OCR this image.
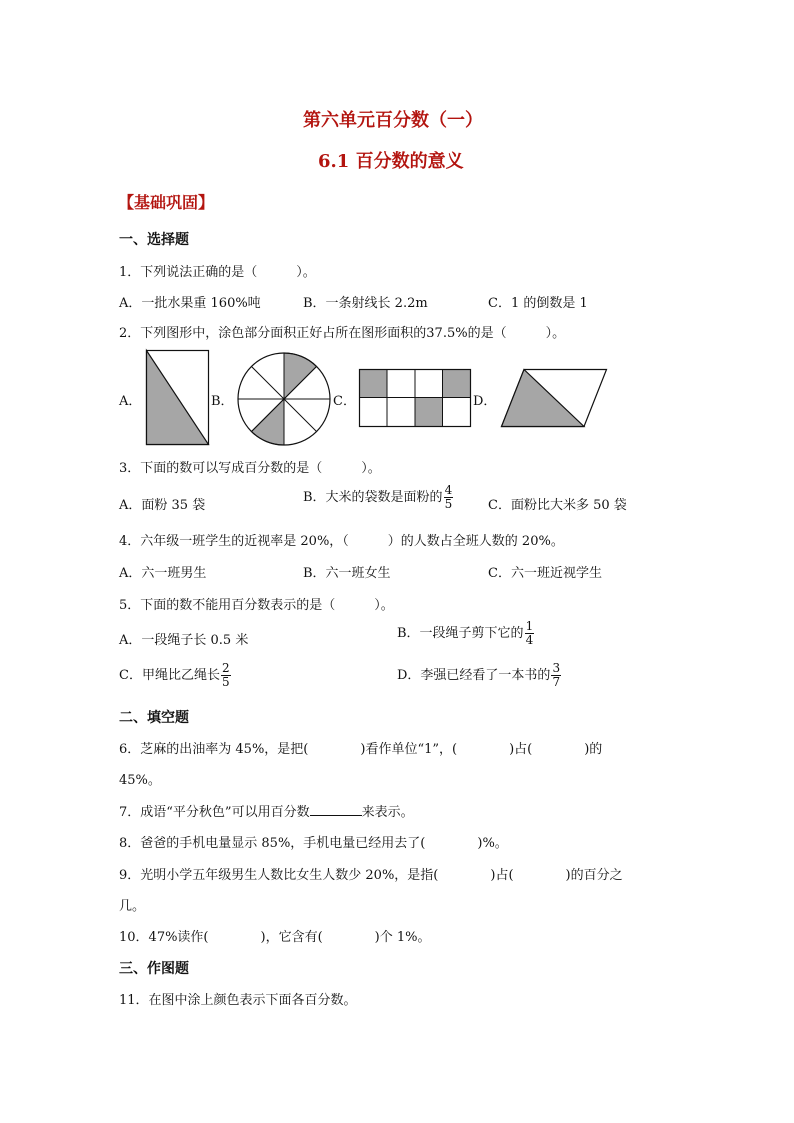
第六单元百分数（一）
6.1 百分数的意义
【基础巩固】
一、选择题
1．下列说法正确的是（　　　）。
A．一批水果重 160%吨	B．一条射线长 2.2m	C．1 的倒数是 1
2．下列图形中，涂色部分面积正好占所在图形面积的37.5%的是（　　　）。
A．	B．	C．	D．
3．下面的数可以写成百分数的是（　　　）。
A．面粉 35 袋
B．大米的袋数是面粉的 $\frac{4}{5}$	C．面粉比大米多 50 袋
4．六年级一班学生的近视率是 20%，（　　　）的人数占全班人数的 20%。
A．六一班男生	B．六一班女生	C．六一班近视学生
5．下面的数不能用百分数表示的是（　　　）。
A．一段绳子长 0.5 米	B．一段绳子剪下它的 $\frac{1}{4}$
C．甲绳比乙绳长 $\frac{2}{5}$	D．李强已经看了一本书的 $\frac{3}{7}$
二、填空题
6．芝麻的出油率为 45%，是把(　　　　)看作单位“1”，(　　　　)占(　　　　)的
45%。
7．成语“平分秋色”可以用百分数	来表示。
8．爸爸的手机电量显示 85%，手机电量已经用去了(　　　　)%。
9．光明小学五年级男生人数比女生人数少 20%，是指(　　　　)占(　　　　)的百分之
几。
10．47%读作(　　　　)，它含有(　　　　)个 1%。
三、作图题
11．在图中涂上颜色表示下面各百分数。
